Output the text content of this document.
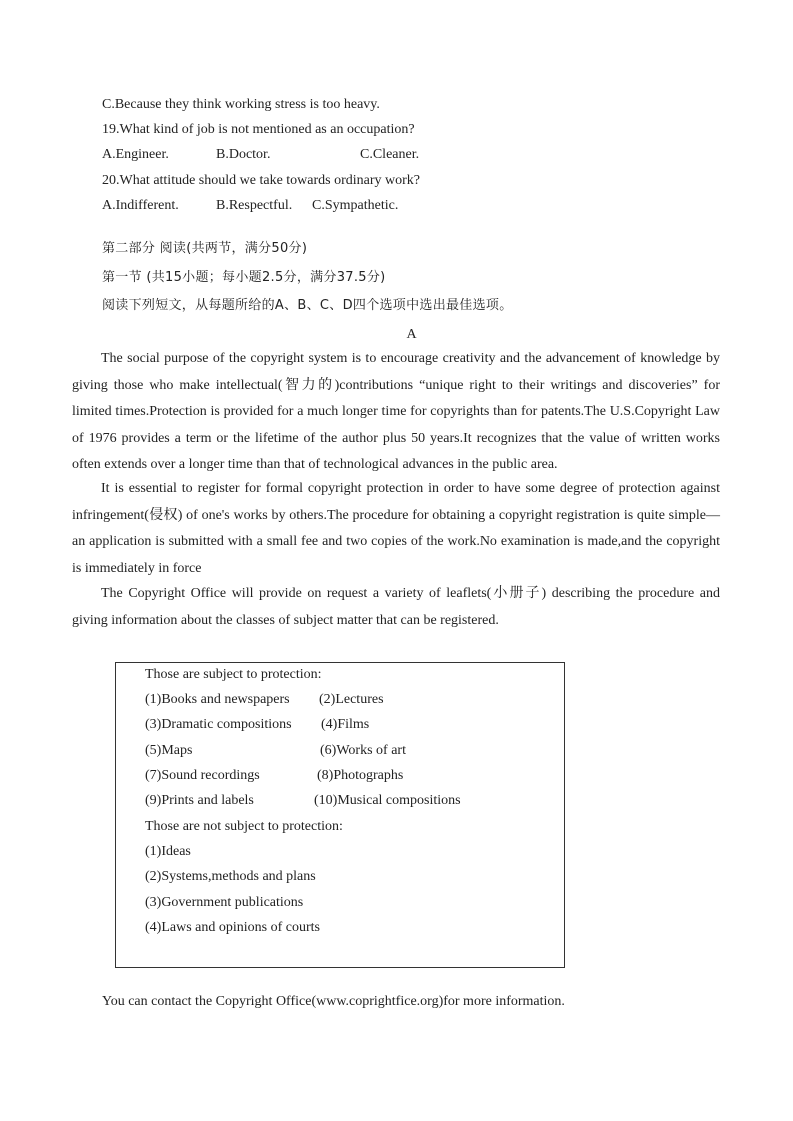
C.Because they think working stress is too heavy.
19.What kind of job is not mentioned as an occupation?
A.Engineer.	B.Doctor.	C.Cleaner.
20.What attitude should we take towards ordinary work?
A.Indifferent.	B.Respectful. C.Sympathetic.
第二部分 阅读(共两节，满分50分)
第一节 (共15小题；每小题2.5分，满分37.5分)
阅读下列短文，从每题所给的A、B、C、D四个选项中选出最佳选项。
A

The social purpose of the copyright system is to encourage creativity and the advancement of knowledge by giving those who make intellectual(智力的)contributions “unique right to their writings and discoveries” for limited times.Protection is provided for a much longer time for copyrights than for patents.The U.S.Copyright Law of 1976 provides a term or the lifetime of the author plus 50 years.It recognizes that the value of written works often extends over a longer time than that of technological advances in the public area.

It is essential to register for formal copyright protection in order to have some degree of protection against infringement(侵权) of one's works by others.The procedure for obtaining a copyright registration is quite simple—an application is submitted with a small fee and two copies of the work.No examination is made,and the copyright is immediately in force

The Copyright Office will provide on request a variety of leaflets(小册子) describing the procedure and giving information about the classes of subject matter that can be registered.

Those are subject to protection:
(1)Books and newspapers (2)Lectures
(3)Dramatic compositions (4)Films
(5)Maps	(6)Works of art
(7)Sound recordings	(8)Photographs
(9)Prints and labels	(10)Musical compositions
Those are not subject to protection:
(1)Ideas
(2)Systems,methods and plans
(3)Government publications
(4)Laws and opinions of courts
You can contact the Copyright Office(www.coprightfice.org)for more information.
